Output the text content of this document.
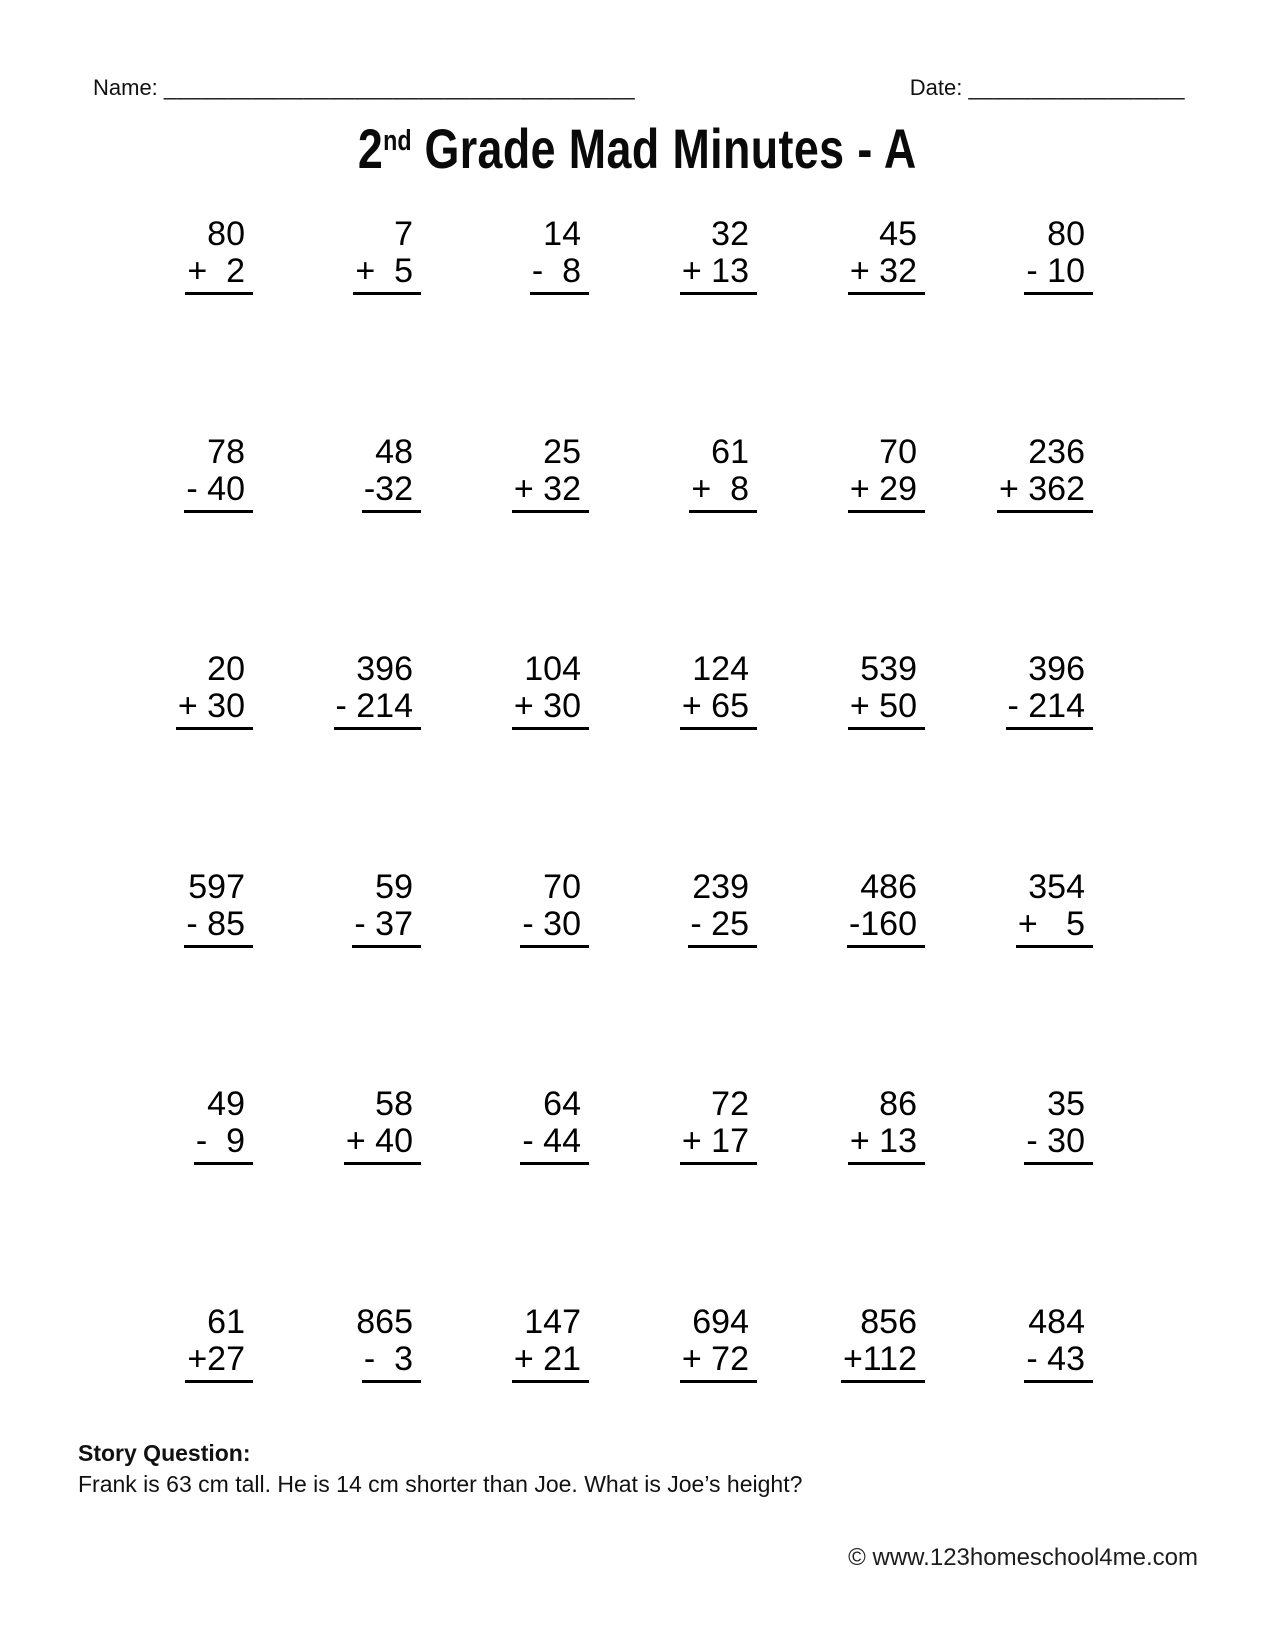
Name: _____________________________________	Date: _________________
2nd Grade Mad Minutes - A
80
+  2
7
+  5
14
-  8
32
+ 13
45
+ 32
80
- 10
78
- 40
48
-32
25
+ 32
61
+  8
70
+ 29
236
+ 362
20
+ 30
396
- 214
104
+ 30
124
+ 65
539
+ 50
396
- 214
597
- 85
59
- 37
70
- 30
239
- 25
486
-160
354
+   5
49
-  9
58
+ 40
64
- 44
72
+ 17
86
+ 13
35
- 30
61
+27
865
-  3
147
+ 21
694
+ 72
856
+112
484
- 43
Story Question:
Frank is 63 cm tall. He is 14 cm shorter than Joe. What is Joe’s height?
© www.123homeschool4me.com
